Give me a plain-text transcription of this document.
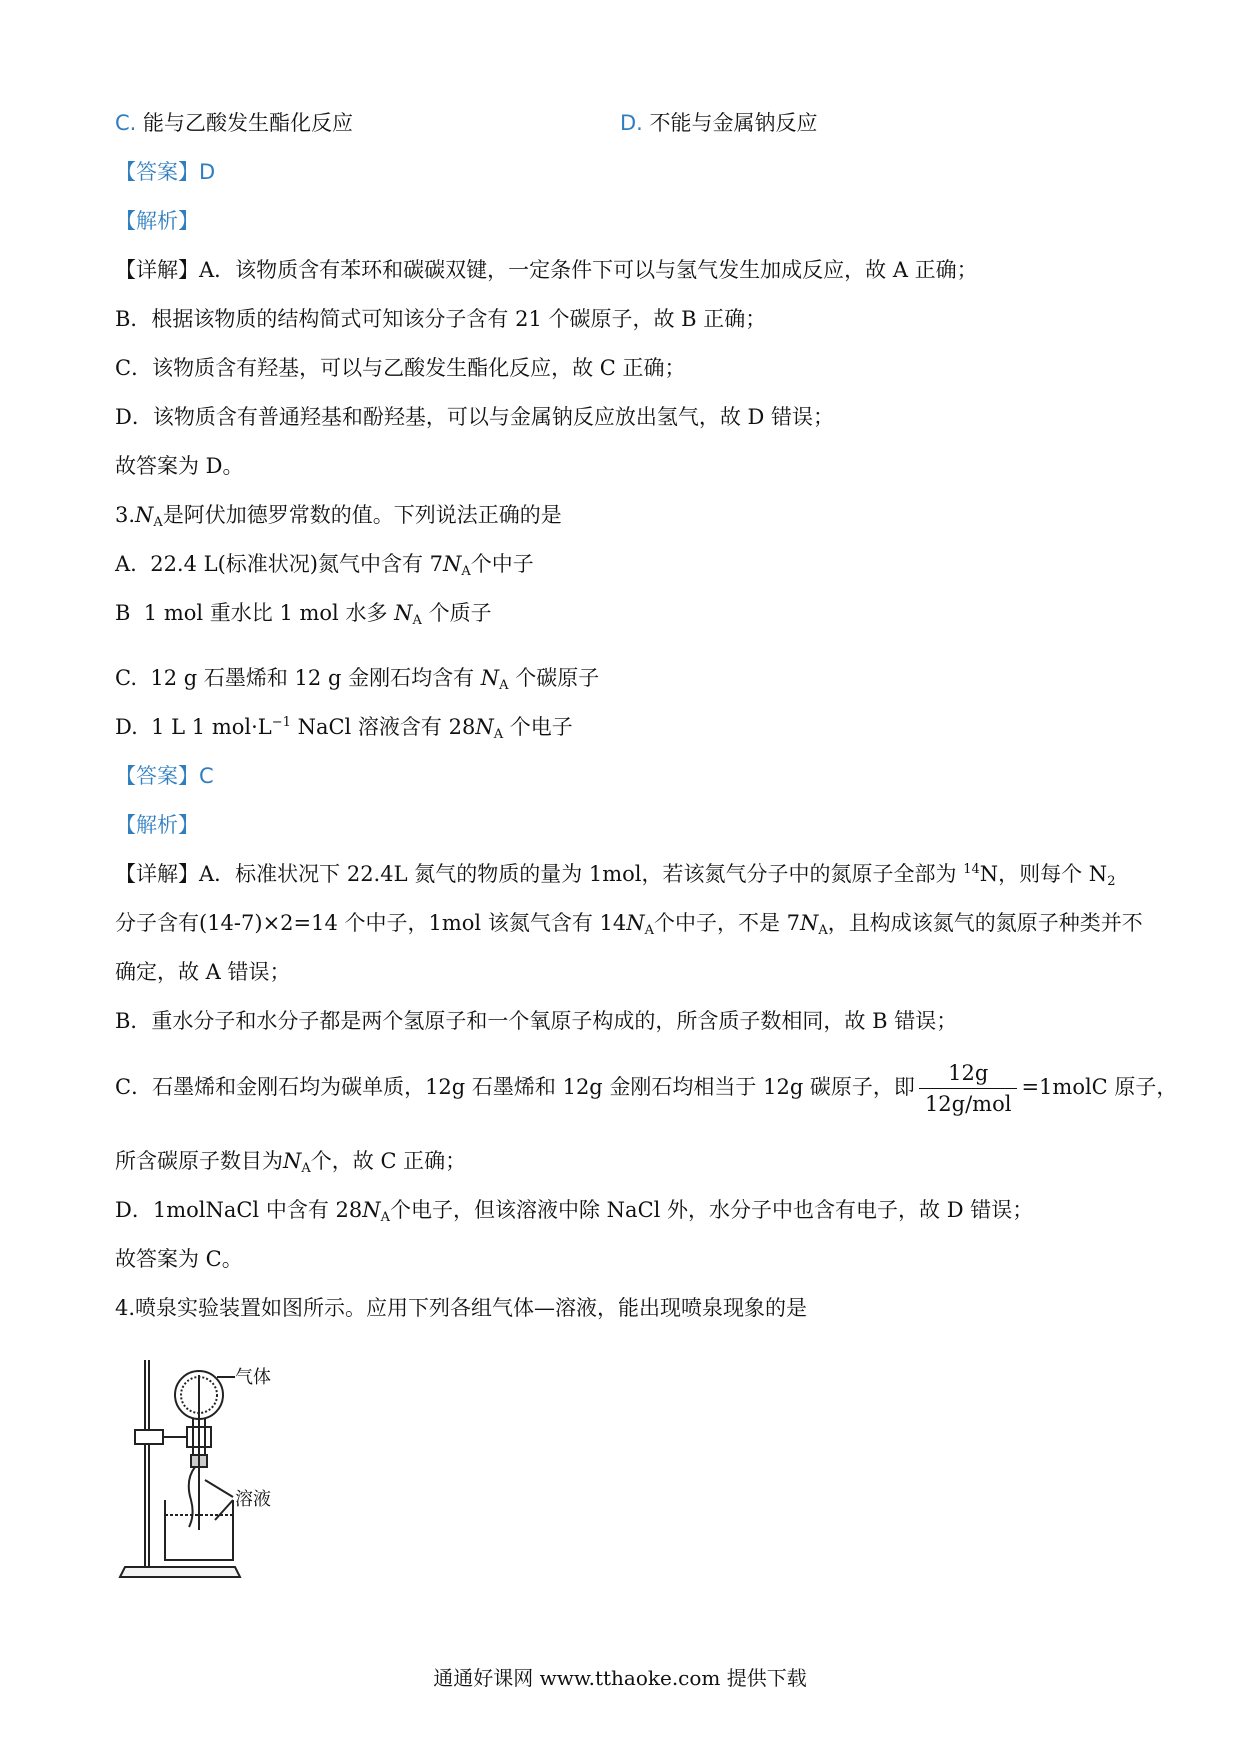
C. 能与乙酸发生酯化反应	D. 不能与金属钠反应
【答案】D
【解析】
【详解】A．该物质含有苯环和碳碳双键，一定条件下可以与氢气发生加成反应，故 A 正确；
B．根据该物质的结构简式可知该分子含有 21 个碳原子，故 B 正确；
C．该物质含有羟基，可以与乙酸发生酯化反应，故 C 正确；
D．该物质含有普通羟基和酚羟基，可以与金属钠反应放出氢气，故 D 错误；
故答案为 D。
$3.N_A$是阿伏加德罗常数的值。下列说法正确的是
A. 22.4 L(标准状况)氮气中含有 $7N_A$个中子
B 1 mol 重水比 1 mol 水多 $N_A$ 个质子
C. 12 g 石墨烯和 12 g 金刚石均含有 $N_A$ 个碳原子
D. 1 L 1 $mol\cdot L^{-1}$ NaCl 溶液含有 $28N_A$ 个电子
【答案】C
【解析】
【详解】A．标准状况下 22.4L 氮气的物质的量为 1mol，若该氮气分子中的氮原子全部为 $^{14}$N，则每个 $N_2$
分子含有(14-7)×2=14 个中子，1mol 该氮气含有 $14N_A$个中子，不是 $7N_A$，且构成该氮气的氮原子种类并不
确定，故 A 错误；
B．重水分子和水分子都是两个氢原子和一个氧原子构成的，所含质子数相同，故 B 错误；
C．石墨烯和金刚石均为碳单质，12g 石墨烯和 12g 金刚石均相当于 12g 碳原子，即 $\frac{12g}{\text{12g/mol}}$ =1molC 原子，
所含碳原子数目为$N_A$个，故 C 正确；
D．1molNaCl 中含有 $28N_A$个电子，但该溶液中除 NaCl 外，水分子中也含有电子，故 D 错误；
故答案为 C。
4.喷泉实验装置如图所示。应用下列各组气体—溶液，能出现喷泉现象的是
气体
溶液
通通好课网 www.tthaoke.com 提供下载
